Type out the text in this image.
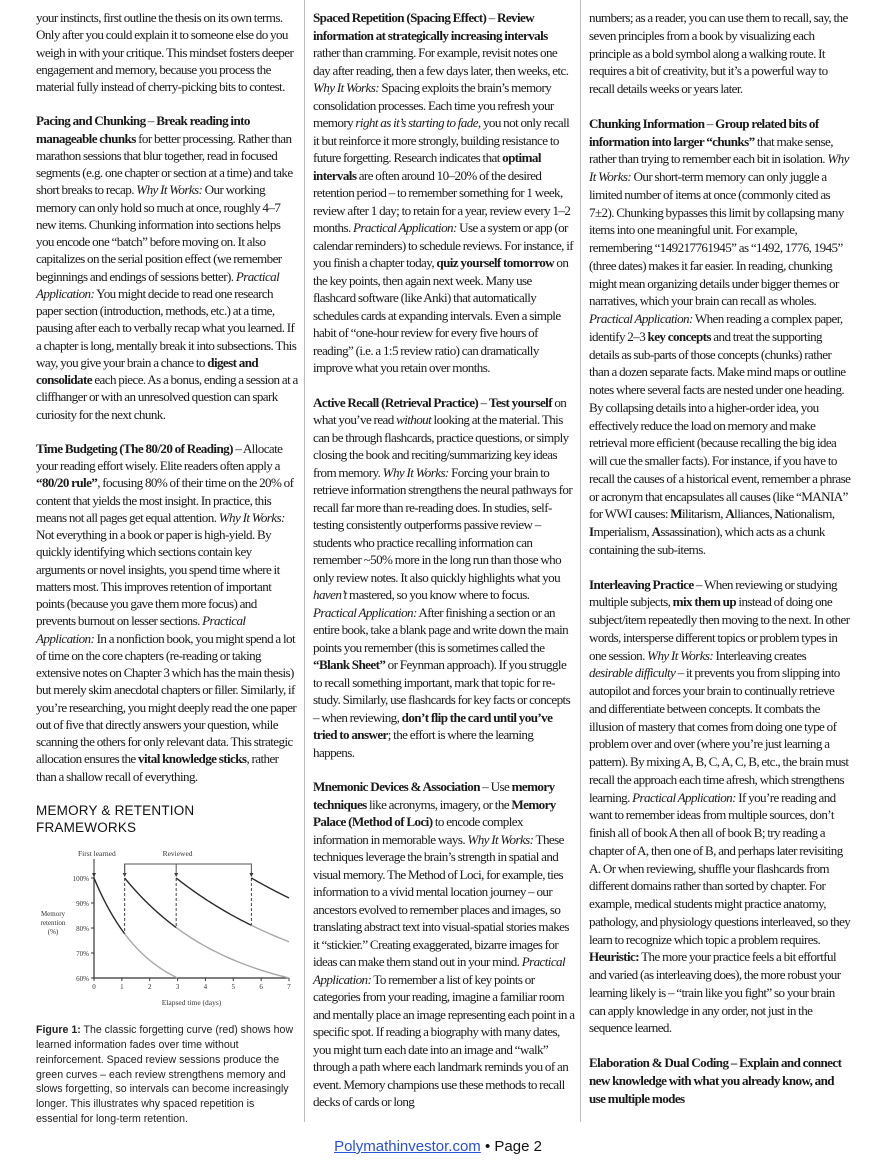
your instincts, first outline the thesis on its own terms. Only after you could explain it to someone else do you weigh in with your critique. This mindset fosters deeper engagement and memory, because you process the material fully instead of cherry-picking bits to contest.

Pacing and Chunking – Break reading into manageable chunks for better processing. Rather than marathon sessions that blur together, read in focused segments (e.g. one chapter or section at a time) and take short breaks to recap. Why It Works: Our working memory can only hold so much at once, roughly 4–7 new items. Chunking information into sections helps you encode one “batch” before moving on. It also capitalizes on the serial position effect (we remember beginnings and endings of sessions better). Practical Application: You might decide to read one research paper section (introduction, methods, etc.) at a time, pausing after each to verbally recap what you learned. If a chapter is long, mentally break it into subsections. This way, you give your brain a chance to digest and consolidate each piece. As a bonus, ending a session at a cliffhanger or with an unresolved question can spark curiosity for the next chunk.

Time Budgeting (The 80/20 of Reading) – Allocate your reading effort wisely. Elite readers often apply a “80/20 rule”, focusing 80% of their time on the 20% of content that yields the most insight. In practice, this means not all pages get equal attention. Why It Works: Not everything in a book or paper is high-yield. By quickly identifying which sections contain key arguments or novel insights, you spend time where it matters most. This improves retention of important points (because you gave them more focus) and prevents burnout on lesser sections. Practical Application: In a nonfiction book, you might spend a lot of time on the core chapters (re-reading or taking extensive notes on Chapter 3 which has the main thesis) but merely skim anecdotal chapters or filler. Similarly, if you’re researching, you might deeply read the one paper out of five that directly answers your question, while scanning the others for only relevant data. This strategic allocation ensures the vital knowledge sticks, rather than a shallow recall of everything.

MEMORY & RETENTION FRAMEWORKS
60%
70%
80%
90%
100%
0	1	2	3	4	5	6	7
Elapsed time (days)
Memory
retention
(%)
First learned	Reviewed
Figure 1: The classic forgetting curve (red) shows how learned information fades over time without reinforcement. Spaced review sessions produce the green curves – each review strengthens memory and slows forgetting, so intervals can become increasingly longer. This illustrates why spaced repetition is essential for long-term retention.

Spaced Repetition (Spacing Effect) – Review information at strategically increasing intervals rather than cramming. For example, revisit notes one day after reading, then a few days later, then weeks, etc. Why It Works: Spacing exploits the brain’s memory consolidation processes. Each time you refresh your memory right as it’s starting to fade, you not only recall it but reinforce it more strongly, building resistance to future forgetting. Research indicates that optimal intervals are often around 10–20% of the desired retention period – to remember something for 1 week, review after 1 day; to retain for a year, review every 1–2 months. Practical Application: Use a system or app (or calendar reminders) to schedule reviews. For instance, if you finish a chapter today, quiz yourself tomorrow on the key points, then again next week. Many use flashcard software (like Anki) that automatically schedules cards at expanding intervals. Even a simple habit of “one-hour review for every five hours of reading” (i.e. a 1:5 review ratio) can dramatically improve what you retain over months.

Active Recall (Retrieval Practice) – Test yourself on what you’ve read without looking at the material. This can be through flashcards, practice questions, or simply closing the book and reciting/summarizing key ideas from memory. Why It Works: Forcing your brain to retrieve information strengthens the neural pathways for recall far more than re-reading does. In studies, self-testing consistently outperforms passive review – students who practice recalling information can remember ~50% more in the long run than those who only review notes. It also quickly highlights what you haven’t mastered, so you know where to focus. Practical Application: After finishing a section or an entire book, take a blank page and write down the main points you remember (this is sometimes called the “Blank Sheet” or Feynman approach). If you struggle to recall something important, mark that topic for re-study. Similarly, use flashcards for key facts or concepts – when reviewing, don’t flip the card until you’ve tried to answer; the effort is where the learning happens.

Mnemonic Devices & Association – Use memory techniques like acronyms, imagery, or the Memory Palace (Method of Loci) to encode complex information in memorable ways. Why It Works: These techniques leverage the brain’s strength in spatial and visual memory. The Method of Loci, for example, ties information to a vivid mental location journey – our ancestors evolved to remember places and images, so translating abstract text into visual-spatial stories makes it “stickier.” Creating exaggerated, bizarre images for ideas can make them stand out in your mind. Practical Application: To remember a list of key points or categories from your reading, imagine a familiar room and mentally place an image representing each point in a specific spot. If reading a biography with many dates, you might turn each date into an image and “walk” through a path where each landmark reminds you of an event. Memory champions use these methods to recall decks of cards or long

numbers; as a reader, you can use them to recall, say, the seven principles from a book by visualizing each principle as a bold symbol along a walking route. It requires a bit of creativity, but it’s a powerful way to recall details weeks or years later.

Chunking Information – Group related bits of information into larger “chunks” that make sense, rather than trying to remember each bit in isolation. Why It Works: Our short-term memory can only juggle a limited number of items at once (commonly cited as 7±2). Chunking bypasses this limit by collapsing many items into one meaningful unit. For example, remembering “149217761945” as “1492, 1776, 1945” (three dates) makes it far easier. In reading, chunking might mean organizing details under bigger themes or narratives, which your brain can recall as wholes. Practical Application: When reading a complex paper, identify 2–3 key concepts and treat the supporting details as sub-parts of those concepts (chunks) rather than a dozen separate facts. Make mind maps or outline notes where several facts are nested under one heading. By collapsing details into a higher-order idea, you effectively reduce the load on memory and make retrieval more efficient (because recalling the big idea will cue the smaller facts). For instance, if you have to recall the causes of a historical event, remember a phrase or acronym that encapsulates all causes (like “MANIA” for WWI causes: Militarism, Alliances, Nationalism, Imperialism, Assassination), which acts as a chunk containing the sub-items.

Interleaving Practice – When reviewing or studying multiple subjects, mix them up instead of doing one subject/item repeatedly then moving to the next. In other words, intersperse different topics or problem types in one session. Why It Works: Interleaving creates desirable difficulty – it prevents you from slipping into autopilot and forces your brain to continually retrieve and differentiate between concepts. It combats the illusion of mastery that comes from doing one type of problem over and over (where you’re just learning a pattern). By mixing A, B, C, A, C, B, etc., the brain must recall the approach each time afresh, which strengthens learning. Practical Application: If you’re reading and want to remember ideas from multiple sources, don’t finish all of book A then all of book B; try reading a chapter of A, then one of B, and perhaps later revisiting A. Or when reviewing, shuffle your flashcards from different domains rather than sorted by chapter. For example, medical students might practice anatomy, pathology, and physiology questions interleaved, so they learn to recognize which topic a problem requires. Heuristic: The more your practice feels a bit effortful and varied (as interleaving does), the more robust your learning likely is – “train like you fight” so your brain can apply knowledge in any order, not just in the sequence learned.

Elaboration & Dual Coding – Explain and connect new knowledge with what you already know, and use multiple modes

Polymathinvestor.com • Page 2
